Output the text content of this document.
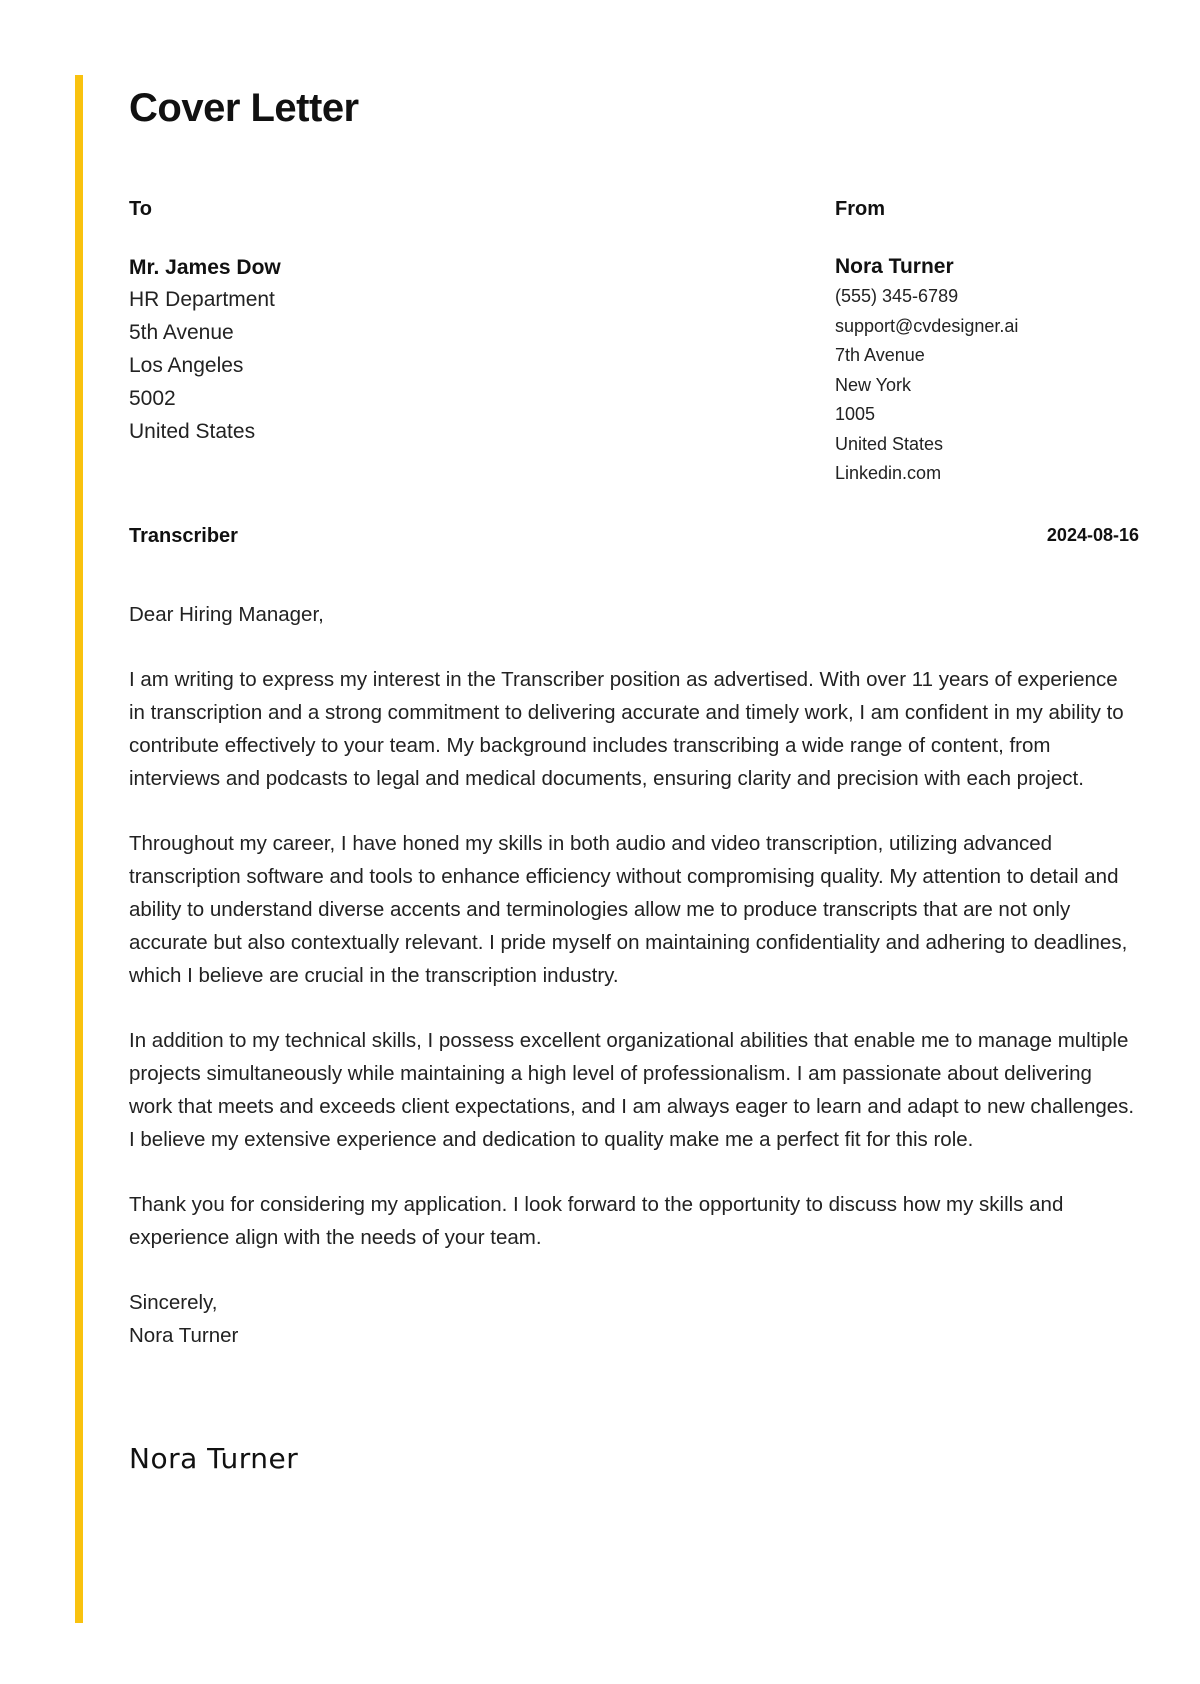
Cover Letter
To	From
Mr. James Dow
HR Department
5th Avenue
Los Angeles
5002
United States
Nora Turner
(555) 345-6789
support@cvdesigner.ai
7th Avenue
New York
1005
United States
Linkedin.com
Transcriber	2024-08-16

Dear Hiring Manager,

I am writing to express my interest in the Transcriber position as advertised. With over 11 years of experience in transcription and a strong commitment to delivering accurate and timely work, I am confident in my ability to contribute effectively to your team. My background includes transcribing a wide range of content, from interviews and podcasts to legal and medical documents, ensuring clarity and precision with each project.

Throughout my career, I have honed my skills in both audio and video transcription, utilizing advanced transcription software and tools to enhance efficiency without compromising quality. My attention to detail and ability to understand diverse accents and terminologies allow me to produce transcripts that are not only accurate but also contextually relevant. I pride myself on maintaining confidentiality and adhering to deadlines, which I believe are crucial in the transcription industry.

In addition to my technical skills, I possess excellent organizational abilities that enable me to manage multiple projects simultaneously while maintaining a high level of professionalism. I am passionate about delivering work that meets and exceeds client expectations, and I am always eager to learn and adapt to new challenges. I believe my extensive experience and dedication to quality make me a perfect fit for this role.

Thank you for considering my application. I look forward to the opportunity to discuss how my skills and experience align with the needs of your team.

Sincerely,
Nora Turner

Nora Turner
